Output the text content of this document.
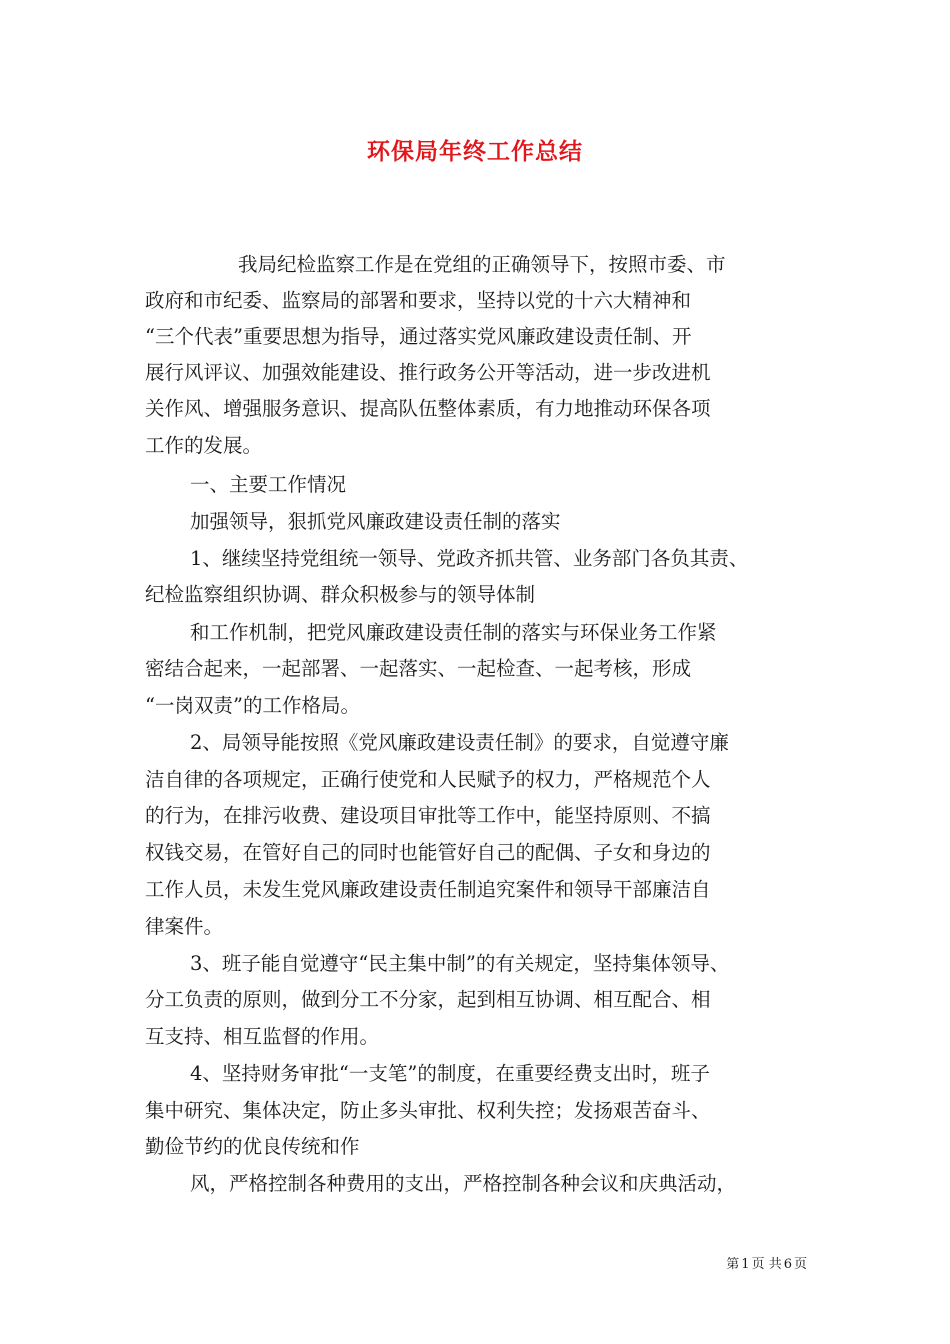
环保局年终工作总结

我局纪检监察工作是在党组的正确领导下，按照市委、市

政府和市纪委、监察局的部署和要求，坚持以党的十六大精神和

“三个代表”重要思想为指导，通过落实党风廉政建设责任制、开

展行风评议、加强效能建设、推行政务公开等活动，进一步改进机

关作风、增强服务意识、提高队伍整体素质，有力地推动环保各项

工作的发展。

一、主要工作情况

加强领导，狠抓党风廉政建设责任制的落实

1、继续坚持党组统一领导、党政齐抓共管、业务部门各负其责、

纪检监察组织协调、群众积极参与的领导体制

和工作机制，把党风廉政建设责任制的落实与环保业务工作紧

密结合起来，一起部署、一起落实、一起检查、一起考核，形成

“一岗双责”的工作格局。

2、局领导能按照《党风廉政建设责任制》的要求，自觉遵守廉

洁自律的各项规定，正确行使党和人民赋予的权力，严格规范个人

的行为，在排污收费、建设项目审批等工作中，能坚持原则、不搞

权钱交易，在管好自己的同时也能管好自己的配偶、子女和身边的

工作人员，未发生党风廉政建设责任制追究案件和领导干部廉洁自

律案件。

3、班子能自觉遵守“民主集中制”的有关规定，坚持集体领导、

分工负责的原则，做到分工不分家，起到相互协调、相互配合、相

互支持、相互监督的作用。

4、坚持财务审批“一支笔”的制度，在重要经费支出时，班子

集中研究、集体决定，防止多头审批、权利失控；发扬艰苦奋斗、

勤俭节约的优良传统和作

风，严格控制各种费用的支出，严格控制各种会议和庆典活动，

第 1 页 共 6 页
